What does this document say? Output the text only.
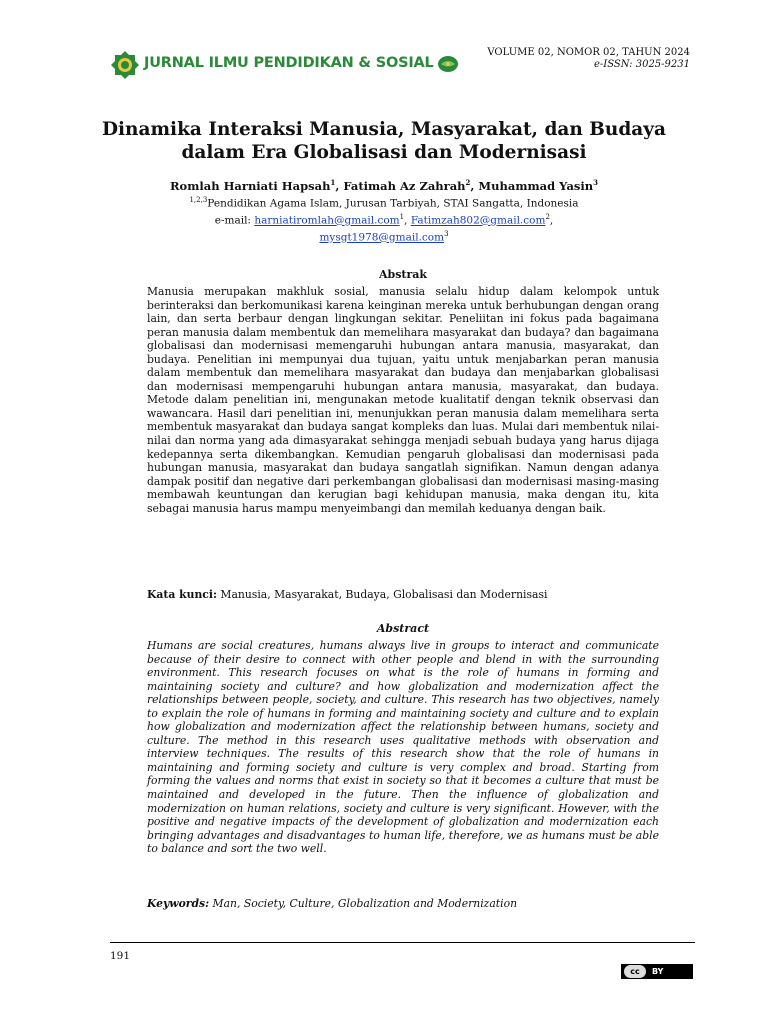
JURNAL ILMU PENDIDIKAN & SOSIAL
VOLUME 02, NOMOR 02, TAHUN 2024
e-ISSN: 3025-9231
Dinamika Interaksi Manusia, Masyarakat, dan Budaya
dalam Era Globalisasi dan Modernisasi
Romlah Harniati Hapsah$^1$, Fatimah Az Zahrah$^2$, Muhammad Yasin$^3$
$^{1,2,3}$Pendidikan Agama Islam, Jurusan Tarbiyah, STAI Sangatta, Indonesia
e-mail: harniatiromlah@gmail.com$^1$, Fatimzah802@gmail.com$^2$,
mysgt1978@gmail.com$^3$
Abstrak

Manusia merupakan makhluk sosial, manusia selalu hidup dalam kelompok untuk berinteraksi dan berkomunikasi karena keinginan mereka untuk berhubungan dengan orang lain, dan serta berbaur dengan lingkungan sekitar. Peneliitan ini fokus pada bagaimana peran manusia dalam membentuk dan memelihara masyarakat dan budaya? dan bagaimana globalisasi dan modernisasi memengaruhi hubungan antara manusia, masyarakat, dan budaya. Penelitian ini mempunyai dua tujuan, yaitu untuk menjabarkan peran manusia dalam membentuk dan memelihara masyarakat dan budaya dan menjabarkan globalisasi dan modernisasi mempengaruhi hubungan antara manusia, masyarakat, dan budaya. Metode dalam penelitian ini, mengunakan metode kualitatif dengan teknik observasi dan wawancara. Hasil dari penelitian ini, menunjukkan peran manusia dalam memelihara serta membentuk masyarakat dan budaya sangat kompleks dan luas. Mulai dari membentuk nilai-nilai dan norma yang ada dimasyarakat sehingga menjadi sebuah budaya yang harus dijaga kedepannya serta dikembangkan. Kemudian pengaruh globalisasi dan modernisasi pada hubungan manusia, masyarakat dan budaya sangatlah signifikan. Namun dengan adanya dampak positif dan negative dari perkembangan globalisasi dan modernisasi masing-masing membawah keuntungan dan kerugian bagi kehidupan manusia, maka dengan itu, kita sebagai manusia harus mampu menyeimbangi dan memilah keduanya dengan baik.

Kata kunci: Manusia, Masyarakat, Budaya, Globalisasi dan Modernisasi
Abstract

Humans are social creatures, humans always live in groups to interact and communicate because of their desire to connect with other people and blend in with the surrounding environment. This research focuses on what is the role of humans in forming and maintaining society and culture? and how globalization and modernization affect the relationships between people, society, and culture. This research has two objectives, namely to explain the role of humans in forming and maintaining society and culture and to explain how globalization and modernization affect the relationship between humans, society and culture. The method in this research uses qualitative methods with observation and interview techniques. The results of this research show that the role of humans in maintaining and forming society and culture is very complex and broad. Starting from forming the values and norms that exist in society so that it becomes a culture that must be maintained and developed in the future. Then the influence of globalization and modernization on human relations, society and culture is very significant. However, with the positive and negative impacts of the development of globalization and modernization each bringing advantages and disadvantages to human life, therefore, we as humans must be able to balance and sort the two well.

Keywords: Man, Society, Culture, Globalization and Modernization
191
cc	BY
